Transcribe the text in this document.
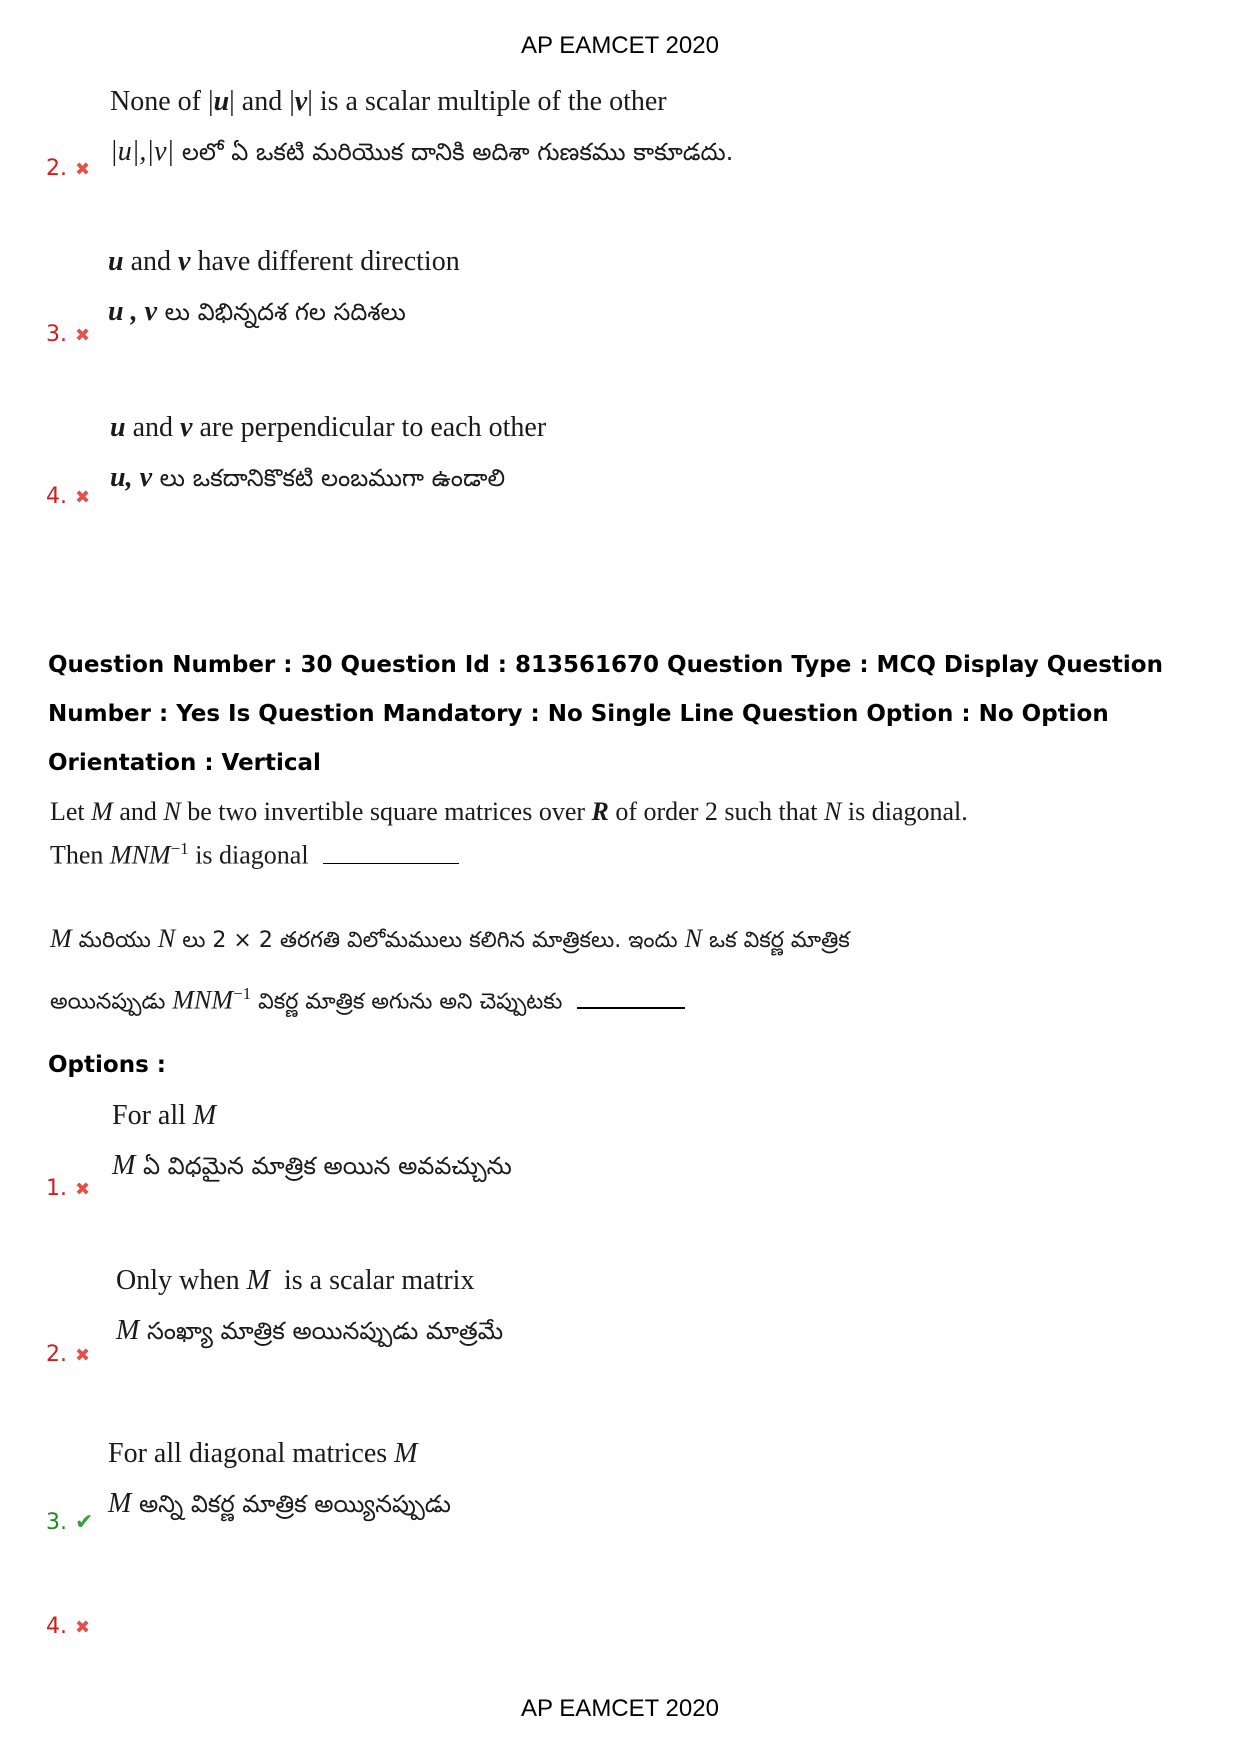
AP EAMCET 2020
None of |u| and |v| is a scalar multiple of the other
|u|,|v| లలో ఏ ఒకటి మరియొక దానికి అదిశా గుణకము కాకూడదు.
2. ✖
u and v have different direction
u , v లు విభిన్నదశ గల సదిశలు
3. ✖
u and v are perpendicular to each other
u, v లు ఒకదానికొకటి లంబముగా ఉండాలి
4. ✖
Question Number : 30 Question Id : 813561670 Question Type : MCQ Display Question
Number : Yes Is Question Mandatory : No Single Line Question Option : No Option
Orientation : Vertical
Let M and N be two invertible square matrices over R of order 2 such that N is diagonal.
Then $MNM^{-1}$ is diagonal
M మరియు N లు 2 × 2 తరగతి విలోమములు కలిగిన మాత్రికలు. ఇందు N ఒక వికర్ణ మాత్రిక
అయినప్పుడు $MNM^{-1}$ వికర్ణ మాత్రిక అగును అని చెప్పుటకు
Options :
For all M
M ఏ విధమైన మాత్రిక అయిన అవవచ్చును
1. ✖
Only when M  is a scalar matrix
M సంఖ్యా మాత్రిక అయినప్పుడు మాత్రమే
2. ✖
For all diagonal matrices M
M అన్ని వికర్ణ మాత్రిక అయ్యినప్పుడు
3. ✔
4. ✖
AP EAMCET 2020
